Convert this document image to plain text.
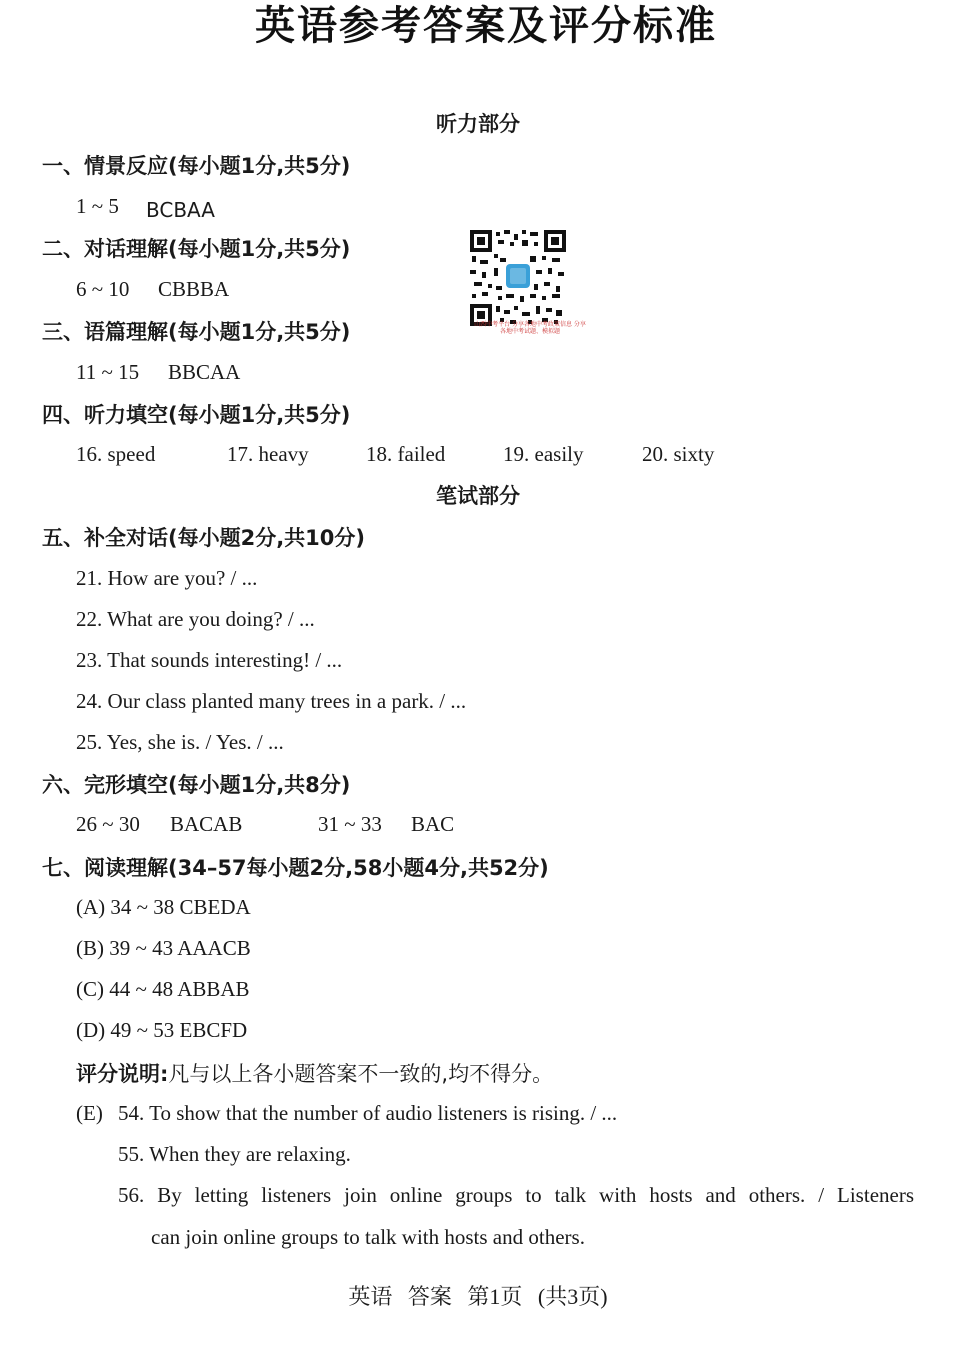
英语参考答案及评分标准
听力部分
一、情景反应(每小题1分,共5分)
1 ~ 5 BCBAA
二、对话理解(每小题1分,共5分)
6 ~ 10 CBBBA
三、语篇理解(每小题1分,共5分)
11 ~ 15 BBCAA
四、听力填空(每小题1分,共5分)
16. speed	17. heavy	18. failed	19. easily	20. sixty
山西中考平台 分享各地中考政策信息 分享各地中考试题、模拟题
笔试部分
五、补全对话(每小题2分,共10分)
21. How are you? / ...
22. What are you doing? / ...
23. That sounds interesting! / ...
24. Our class planted many trees in a park. / ...
25. Yes, she is. / Yes. / ...
六、完形填空(每小题1分,共8分)
26 ~ 30 BACAB	31 ~ 33 BAC
七、阅读理解(34–57每小题2分,58小题4分,共52分)
(A) 34 ~ 38 CBEDA
(B) 39 ~ 43 AAACB
(C) 44 ~ 48 ABBAB
(D) 49 ~ 53 EBCFD
评分说明:凡与以上各小题答案不一致的,均不得分。
(E) 54. To show that the number of audio listeners is rising. / ...
55. When they are relaxing.
56. By letting listeners join online groups to talk with hosts and others. / Listeners
can join online groups to talk with hosts and others.
英语 答案 第1页 (共3页)
